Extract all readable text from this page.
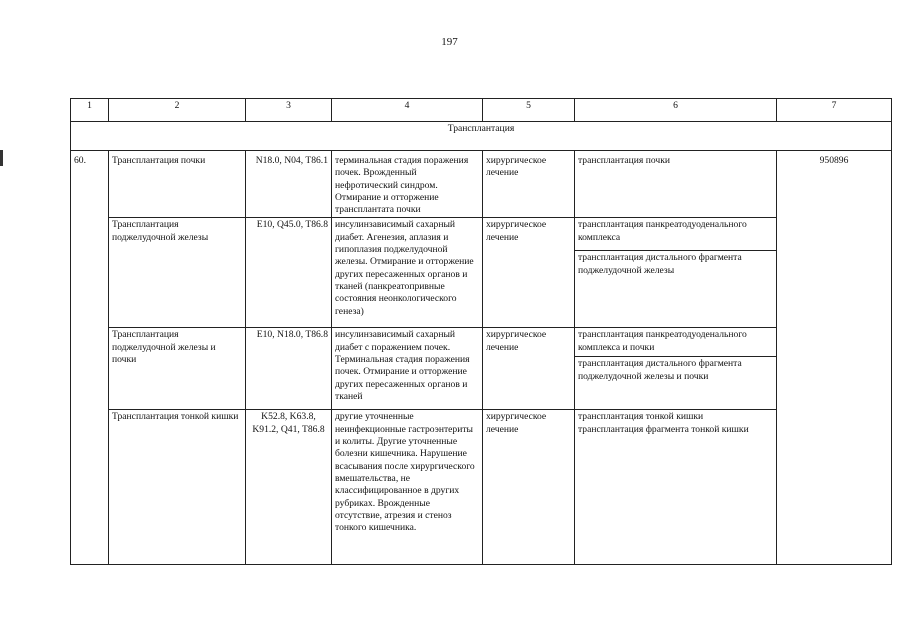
197
1	2	3	4	5	6	7
Трансплантация						
60.	Трансплантация почки	N18.0, N04, T86.1	терминальная стадия поражения почек. Врожденный нефротический синдром. Отмирание и отторжение трансплантата почки	хирургическое лечение	трансплантация почки	950896
	Трансплантация поджелудочной железы	E10, Q45.0, T86.8	инсулинзависимый сахарный диабет. Агенезия, аплазия и гипоплазия поджелудочной железы. Отмирание и отторжение других пересаженных органов и тканей (панкреатопривные состояния неонкологического генеза)	хирургическое лечение	трансплантация панкреатодуоденального комплекса	
					трансплантация дистального фрагмента поджелудочной железы	
	Трансплантация поджелудочной железы и почки	E10, N18.0, T86.8	инсулинзависимый сахарный диабет с поражением почек. Терминальная стадия поражения почек. Отмирание и отторжение других пересаженных органов и тканей	хирургическое лечение	трансплантация панкреатодуоденального комплекса и почки	
					трансплантация дистального фрагмента поджелудочной железы и почки	
	Трансплантация тонкой кишки	K52.8, K63.8, K91.2, Q41, T86.8	другие уточненные неинфекционные гастроэнтериты и колиты. Другие уточненные болезни кишечника. Нарушение всасывания после хирургического вмешательства, не классифицированное в других рубриках. Врожденные отсутствие, атрезия и стеноз тонкого кишечника.	хирургическое лечение	трансплантация тонкой кишки
трансплантация фрагмента тонкой кишки	
